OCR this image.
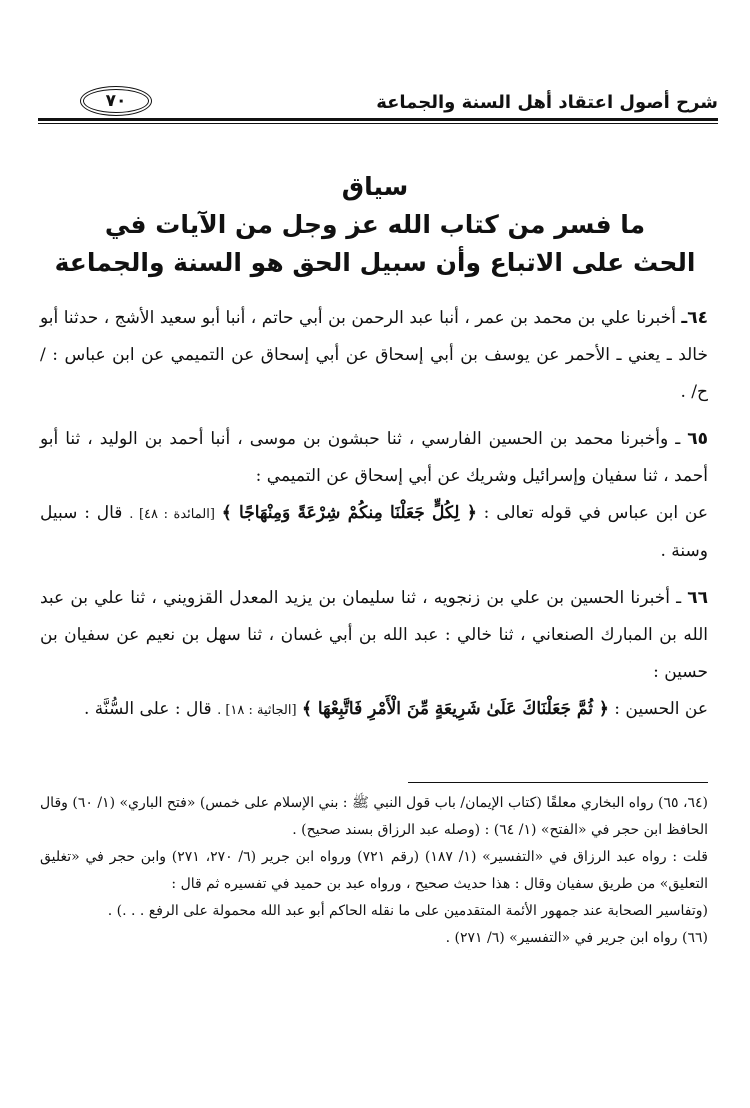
شرح أصول اعتقاد أهل السنة والجماعة
٧٠
سياق
ما فسر من كتاب الله عز وجل من الآيات في
الحث على الاتباع وأن سبيل الحق هو السنة والجماعة

٦٤ـ أخبرنا علي بن محمد بن عمر ، أنبا عبد الرحمن بن أبي حاتم ، أنبا أبو سعيد الأشج ، حدثنا أبو خالد ـ يعني ـ الأحمر عن يوسف بن أبي إسحاق عن أبي إسحاق عن التميمي عن ابن عباس : / ح/ .

٦٥ ـ وأخبرنا محمد بن الحسين الفارسي ، ثنا حبشون بن موسى ، أنبا أحمد بن الوليد ، ثنا أبو أحمد ، ثنا سفيان وإسرائيل وشريك عن أبي إسحاق عن التميمي :

عن ابن عباس في قوله تعالى : ﴿ لِكُلٍّ جَعَلْنَا مِنكُمْ شِرْعَةً وَمِنْهَاجًا ﴾ [المائدة : ٤٨] . قال : سبيل وسنة .

٦٦ ـ أخبرنا الحسين بن علي بن زنجويه ، ثنا سليمان بن يزيد المعدل القزويني ، ثنا علي بن عبد الله بن المبارك الصنعاني ، ثنا خالي : عبد الله بن أبي غسان ، ثنا سهل بن نعيم عن سفيان بن حسين :

عن الحسين : ﴿ ثُمَّ جَعَلْنَاكَ عَلَىٰ شَرِيعَةٍ مِّنَ الْأَمْرِ فَاتَّبِعْهَا ﴾ [الجاثية : ١٨] . قال : على السُّنَّة .

(٦٤، ٦٥) رواه البخاري معلقًا (كتاب الإيمان/ باب قول النبي ﷺ : بني الإسلام على خمس) «فتح الباري» (١/ ٦٠) وقال الحافظ ابن حجر في «الفتح» (١/ ٦٤) : (وصله عبد الرزاق بسند صحيح) .

قلت : رواه عبد الرزاق في «التفسير» (١/ ١٨٧) (رقم ٧٢١) ورواه ابن جرير (٦/ ٢٧٠، ٢٧١) وابن حجر في «تغليق التعليق» من طريق سفيان وقال : هذا حديث صحيح ، ورواه عبد بن حميد في تفسيره ثم قال :

(وتفاسير الصحابة عند جمهور الأئمة المتقدمين على ما نقله الحاكم أبو عبد الله محمولة على الرفع . . .) .

(٦٦) رواه ابن جرير في «التفسير» (٦/ ٢٧١) .
